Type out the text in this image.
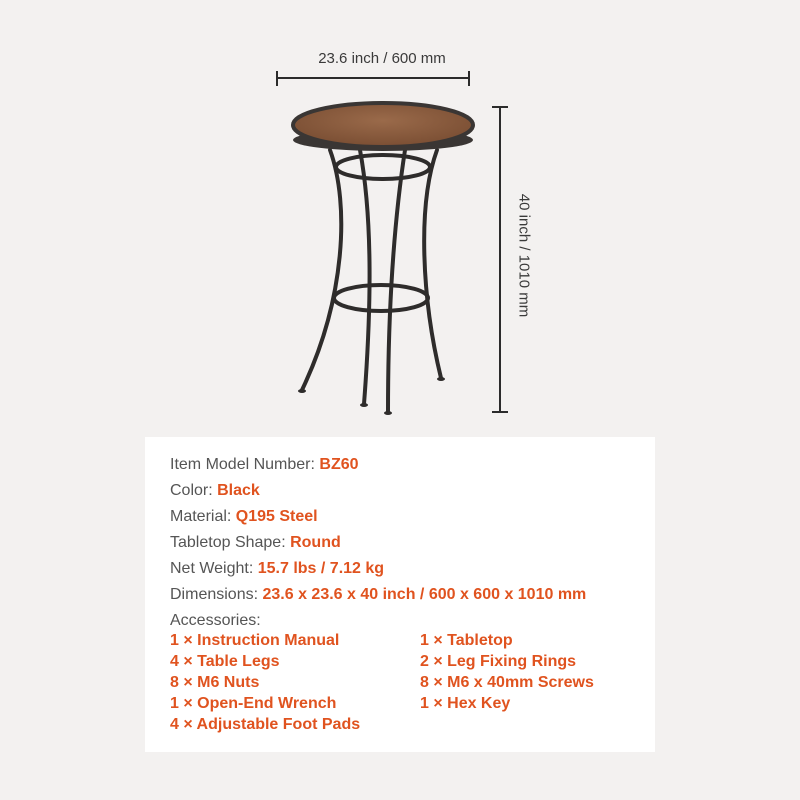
23.6 inch / 600 mm
40 inch / 1010 mm
Item Model Number: BZ60
Color: Black
Material: Q195 Steel
Tabletop Shape: Round
Net Weight: 15.7 lbs / 7.12 kg
Dimensions: 23.6 x 23.6 x 40 inch / 600 x 600 x 1010 mm
Accessories:
1 × Instruction Manual
4 × Table Legs
8 × M6 Nuts
1 × Open-End Wrench
4 × Adjustable Foot Pads
1 × Tabletop
2 × Leg Fixing Rings
8 × M6 x 40mm Screws
1 × Hex Key
